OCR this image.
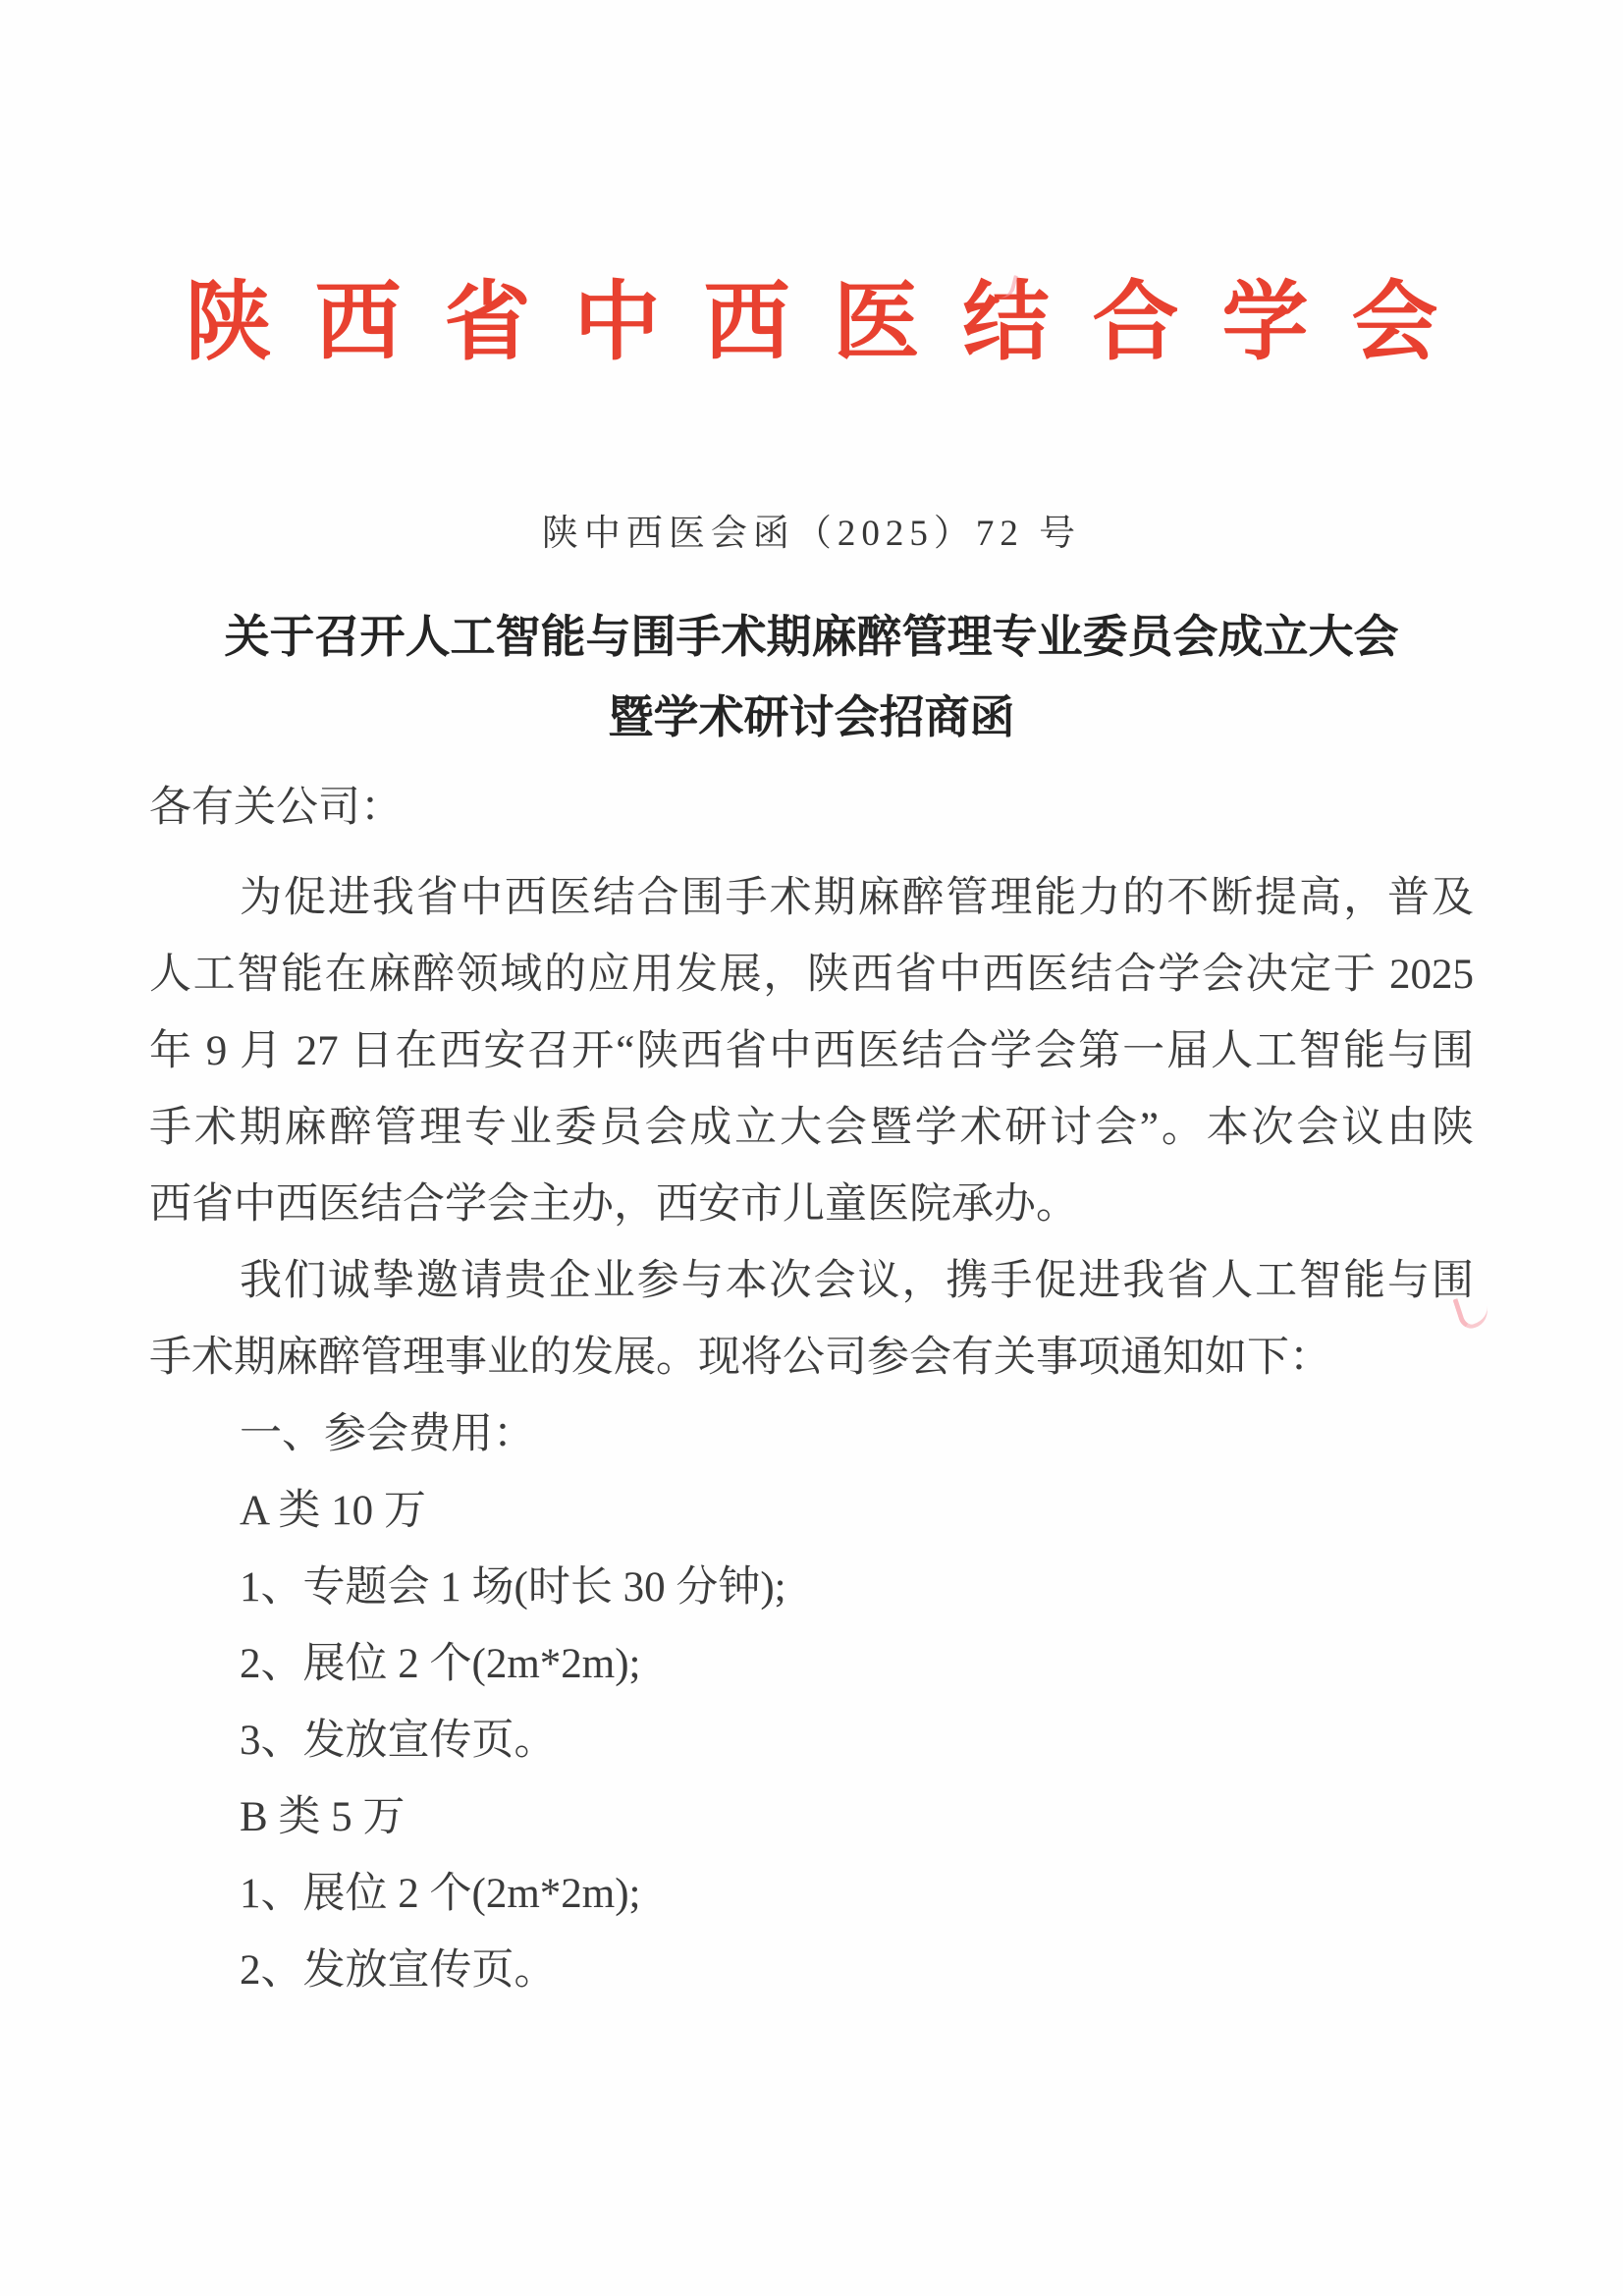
陕西省中西医结合学会
陕中西医会函（2025）72 号
关于召开人工智能与围手术期麻醉管理专业委员会成立大会
暨学术研讨会招商函
各有关公司：
为促进我省中西医结合围手术期麻醉管理能力的不断提高，普及
人工智能在麻醉领域的应用发展，陕西省中西医结合学会决定于 2025
年 9 月 27 日在西安召开“陕西省中西医结合学会第一届人工智能与围
手术期麻醉管理专业委员会成立大会暨学术研讨会”。本次会议由陕
西省中西医结合学会主办，西安市儿童医院承办。
我们诚挚邀请贵企业参与本次会议，携手促进我省人工智能与围
手术期麻醉管理事业的发展。现将公司参会有关事项通知如下：
一、参会费用：
A 类 10 万
1、专题会 1 场(时长 30 分钟);
2、展位 2 个(2m*2m);
3、发放宣传页。
B 类 5 万
1、展位 2 个(2m*2m);
2、发放宣传页。
